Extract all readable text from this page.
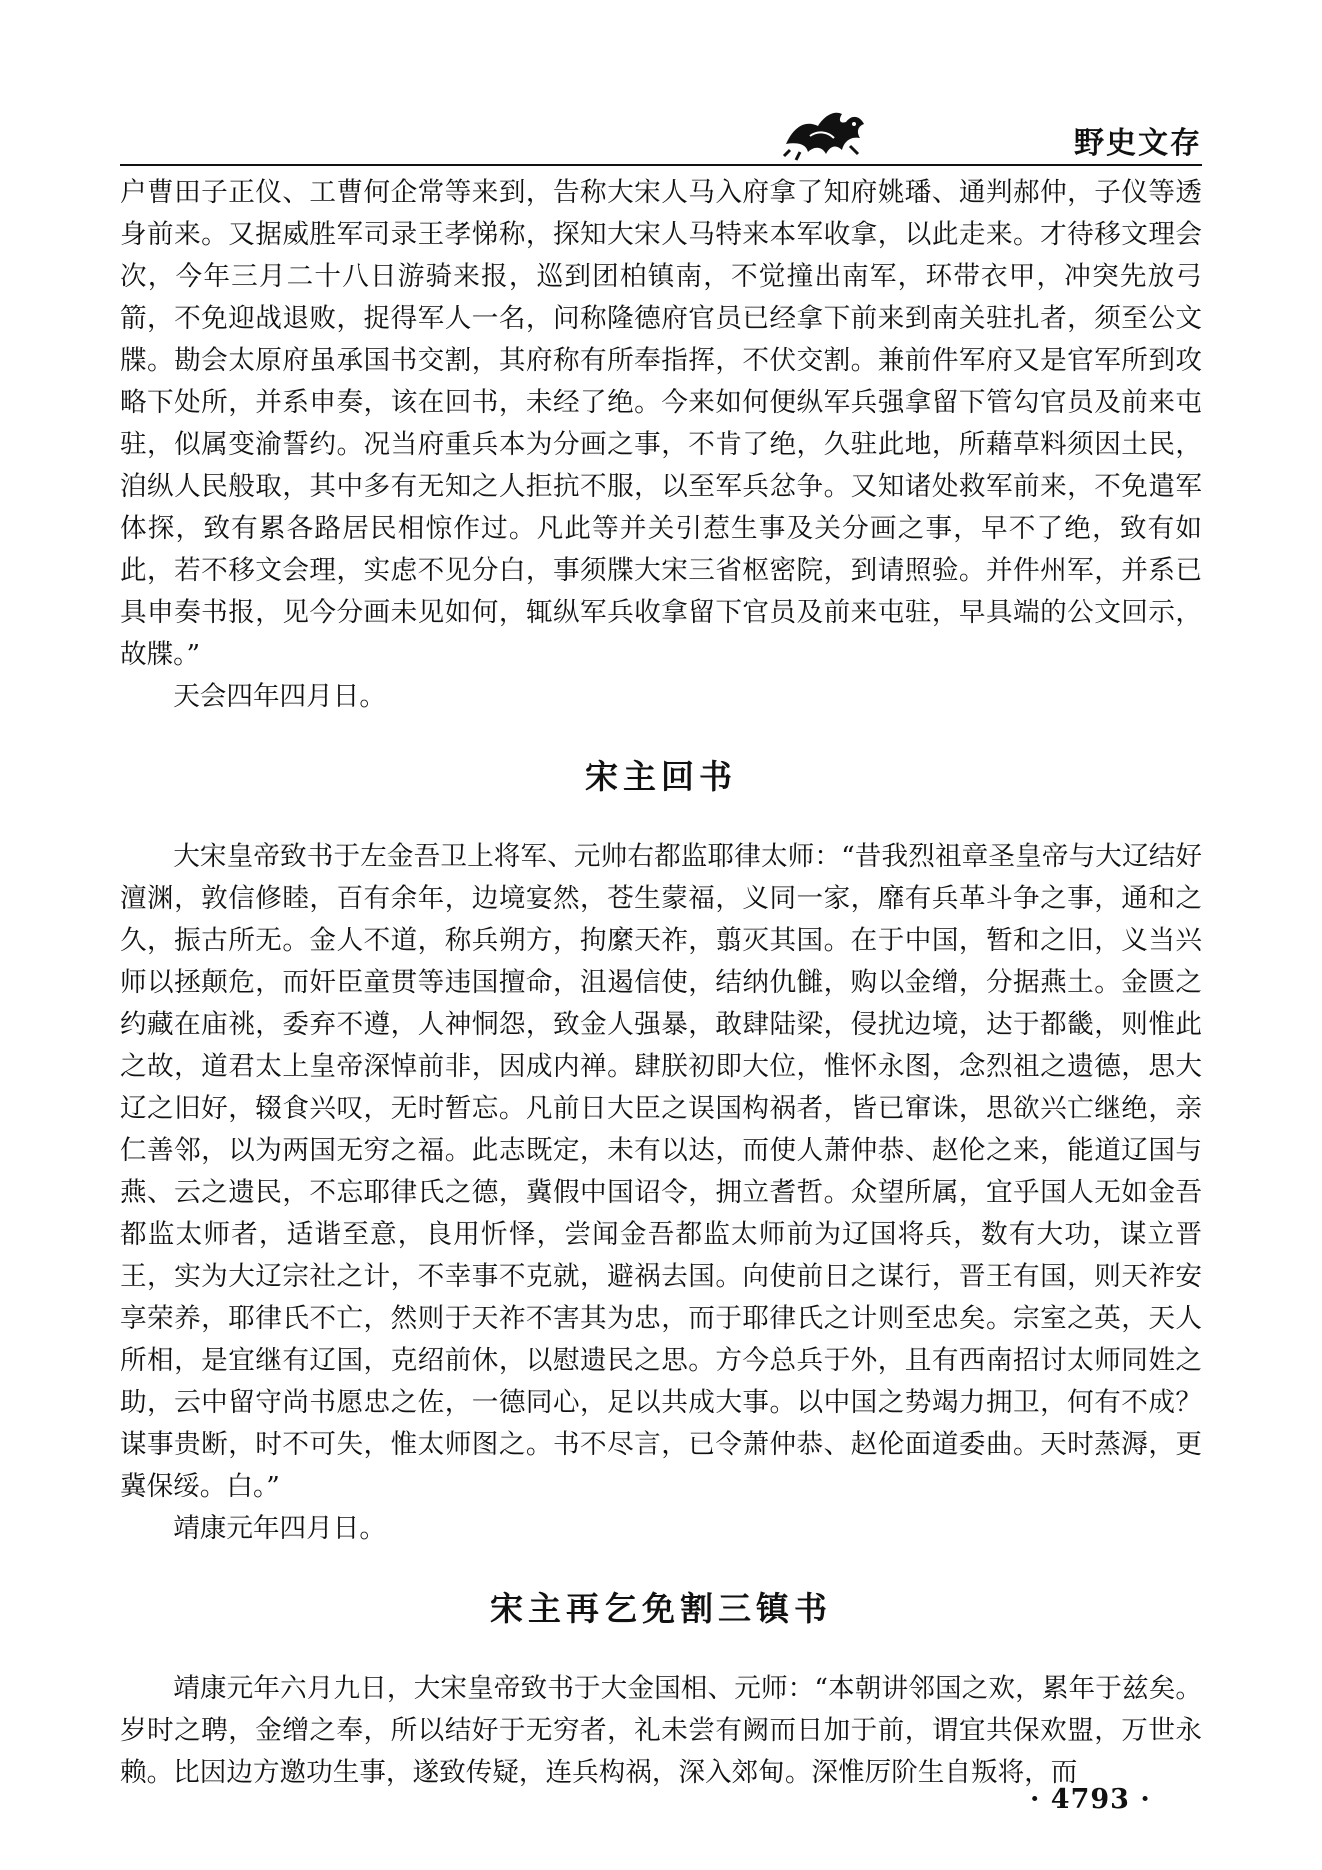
野史文存

户曹田子正仪、工曹何企常等来到，告称大宋人马入府拿了知府姚璠、通判郝仲，子仪等透身前来。又据威胜军司录王孝悌称，探知大宋人马特来本军收拿，以此走来。才待移文理会次，今年三月二十八日游骑来报，巡到团柏镇南，不觉撞出南军，环带衣甲，冲突先放弓箭，不免迎战退败，捉得军人一名，问称隆德府官员已经拿下前来到南关驻扎者，须至公文牒。勘会太原府虽承国书交割，其府称有所奉指挥，不伏交割。兼前件军府又是官军所到攻略下处所，并系申奏，该在回书，未经了绝。今来如何便纵军兵强拿留下管勾官员及前来屯驻，似属变渝誓约。况当府重兵本为分画之事，不肯了绝，久驻此地，所藉草料须因土民，洎纵人民般取，其中多有无知之人拒抗不服，以至军兵忿争。又知诸处救军前来，不免遣军体探，致有累各路居民相惊作过。凡此等并关引惹生事及关分画之事，早不了绝，致有如此，若不移文会理，实虑不见分白，事须牒大宋三省枢密院，到请照验。并件州军，并系已具申奏书报，见今分画未见如何，辄纵军兵收拿留下官员及前来屯驻，早具端的公文回示，故牒。”

天会四年四月日。

宋主回书

大宋皇帝致书于左金吾卫上将军、元帅右都监耶律太师：“昔我烈祖章圣皇帝与大辽结好澶渊，敦信修睦，百有余年，边境宴然，苍生蒙福，义同一家，靡有兵革斗争之事，通和之久，振古所无。金人不道，称兵朔方，拘縻天祚，翦灭其国。在于中国，暂和之旧，义当兴师以拯颠危，而奸臣童贯等违国擅命，沮遏信使，结纳仇雠，购以金缯，分据燕土。金匮之约藏在庙祧，委弃不遵，人神恫怨，致金人强暴，敢肆陆梁，侵扰边境，达于都畿，则惟此之故，道君太上皇帝深悼前非，因成内禅。肆朕初即大位，惟怀永图，念烈祖之遗德，思大辽之旧好，辍食兴叹，无时暂忘。凡前日大臣之误国构祸者，皆已窜诛，思欲兴亡继绝，亲仁善邻，以为两国无穷之福。此志既定，未有以达，而使人萧仲恭、赵伦之来，能道辽国与燕、云之遗民，不忘耶律氏之德，冀假中国诏令，拥立耆哲。众望所属，宜乎国人无如金吾都监太师者，适谐至意，良用忻怿，尝闻金吾都监太师前为辽国将兵，数有大功，谋立晋王，实为大辽宗社之计，不幸事不克就，避祸去国。向使前日之谋行，晋王有国，则天祚安享荣养，耶律氏不亡，然则于天祚不害其为忠，而于耶律氏之计则至忠矣。宗室之英，天人所相，是宜继有辽国，克绍前休，以慰遗民之思。方今总兵于外，且有西南招讨太师同姓之助，云中留守尚书愿忠之佐，一德同心，足以共成大事。以中国之势竭力拥卫，何有不成？谋事贵断，时不可失，惟太师图之。书不尽言，已令萧仲恭、赵伦面道委曲。天时蒸溽，更冀保绥。白。”

靖康元年四月日。

宋主再乞免割三镇书

靖康元年六月九日，大宋皇帝致书于大金国相、元师：“本朝讲邻国之欢，累年于兹矣。岁时之聘，金缯之奉，所以结好于无穷者，礼未尝有阙而日加于前，谓宜共保欢盟，万世永赖。比因边方邀功生事，遂致传疑，连兵构祸，深入郊甸。深惟厉阶生自叛将，而

· 4793 ·
